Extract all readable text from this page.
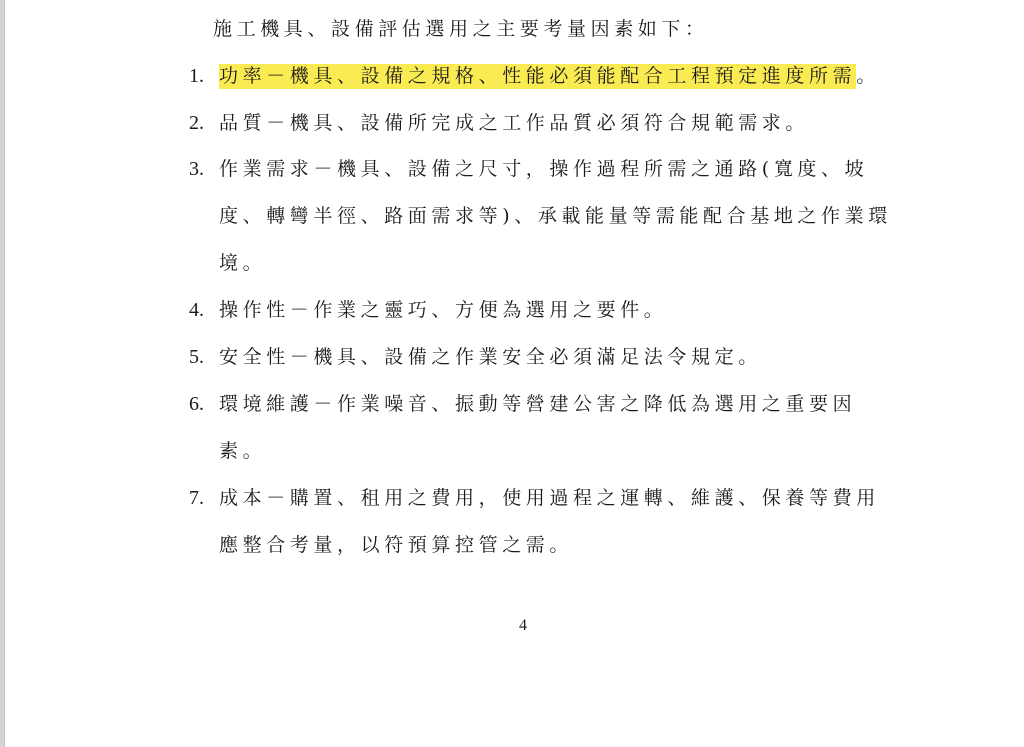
施工機具、設備評估選用之主要考量因素如下：
1. 功率－機具、設備之規格、性能必須能配合工程預定進度所需。
2. 品質－機具、設備所完成之工作品質必須符合規範需求。
3. 作業需求－機具、設備之尺寸，操作過程所需之通路(寬度、坡
度、轉彎半徑、路面需求等)、承載能量等需能配合基地之作業環
境。
4. 操作性－作業之靈巧、方便為選用之要件。
5. 安全性－機具、設備之作業安全必須滿足法令規定。
6. 環境維護－作業噪音、振動等營建公害之降低為選用之重要因
素。
7. 成本－購置、租用之費用，使用過程之運轉、維護、保養等費用
應整合考量，以符預算控管之需。
4
